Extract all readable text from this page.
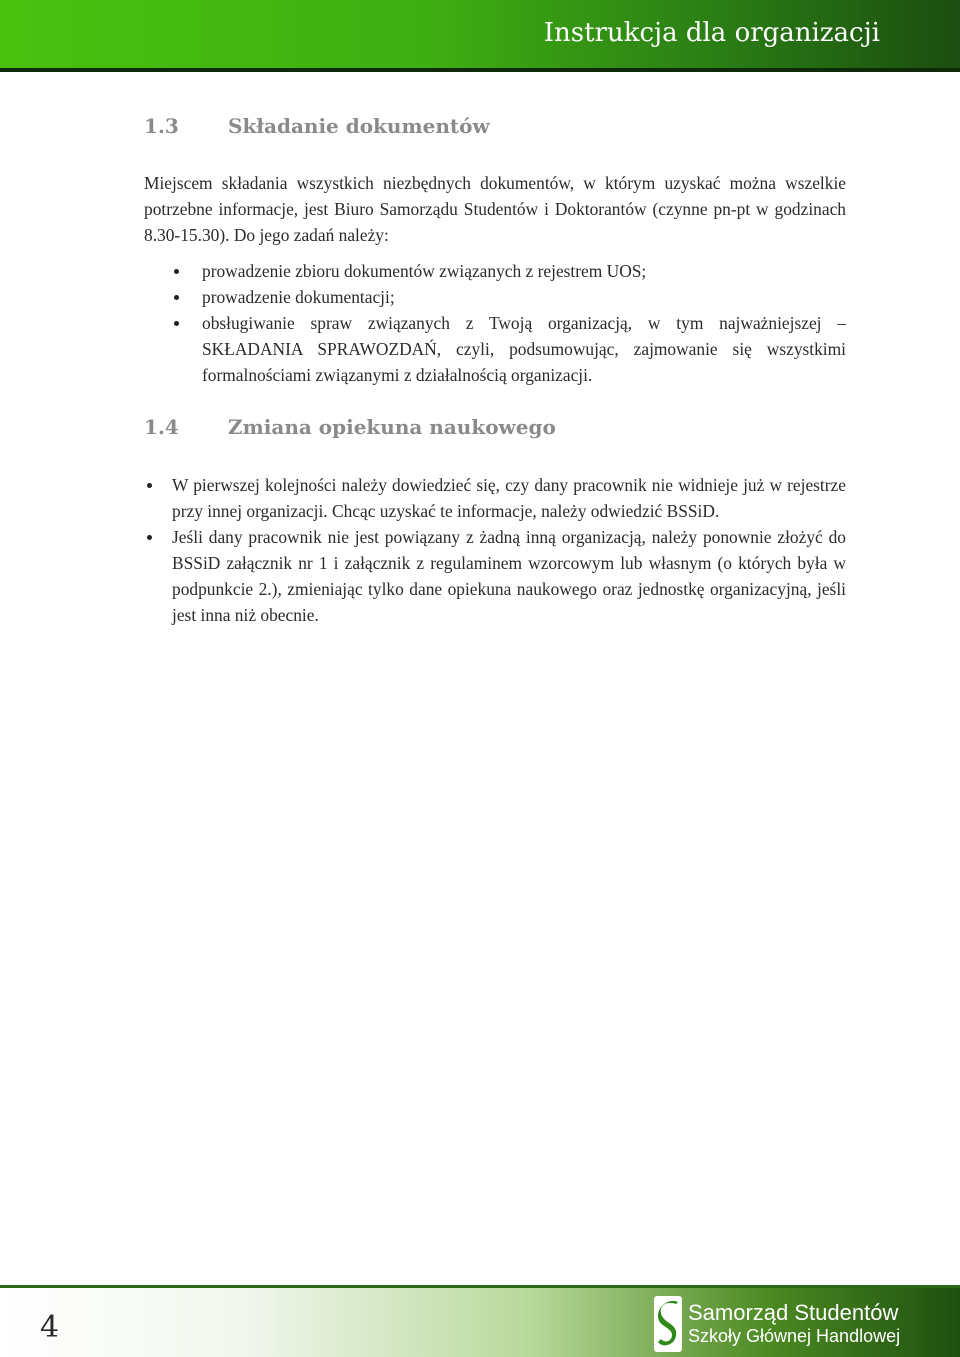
Instrukcja dla organizacji
1.3 Składanie dokumentów
Miejscem składania wszystkich niezbędnych dokumentów, w którym uzyskać można wszelkie potrzebne informacje, jest Biuro Samorządu Studentów i Doktorantów (czynne pn-pt w godzinach 8.30-15.30). Do jego zadań należy:
prowadzenie zbioru dokumentów związanych z rejestrem UOS;
prowadzenie dokumentacji;
obsługiwanie spraw związanych z Twoją organizacją, w tym najważniejszej – SKŁADANIA SPRAWOZDAŃ, czyli, podsumowując, zajmowanie się wszystkimi formalnościami związanymi z działalnością organizacji.
1.4 Zmiana opiekuna naukowego
W pierwszej kolejności należy dowiedzieć się, czy dany pracownik nie widnieje już w rejestrze przy innej organizacji. Chcąc uzyskać te informacje, należy odwiedzić BSSiD.
Jeśli dany pracownik nie jest powiązany z żadną inną organizacją, należy ponownie złożyć do BSSiD załącznik nr 1 i załącznik z regulaminem wzorcowym lub własnym (o których była w podpunkcie 2.), zmieniając tylko dane opiekuna naukowego oraz jednostkę organizacyjną, jeśli jest inna niż obecnie.
4	Samorząd Studentów
Szkoły Głównej Handlowej
